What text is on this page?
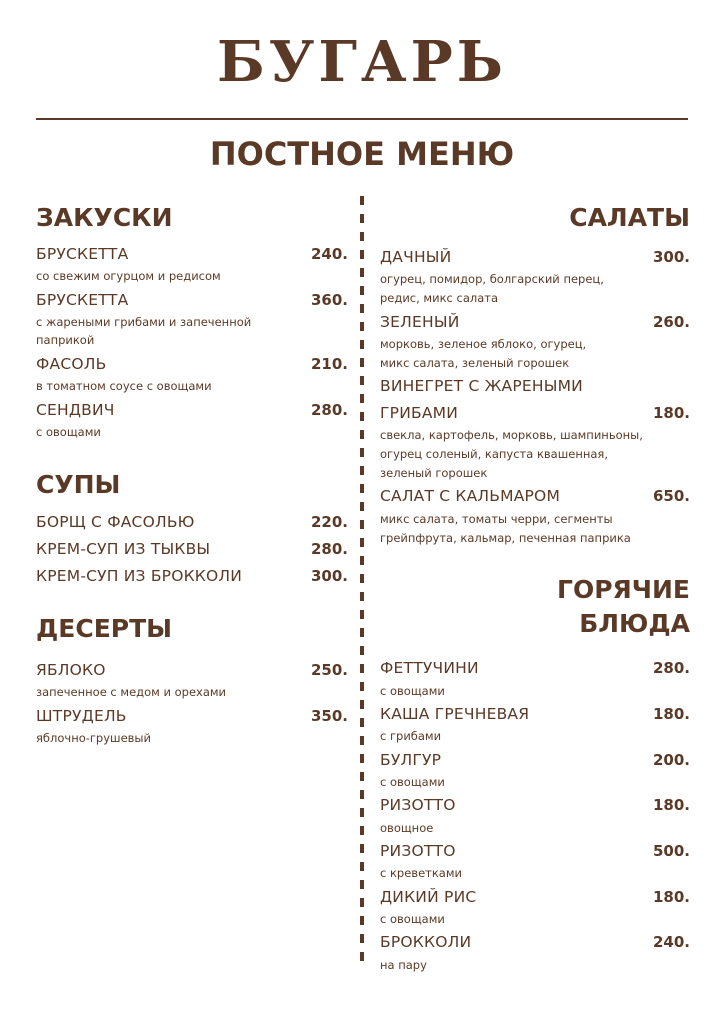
БУГАРЬ
ПОСТНОЕ МЕНЮ
ЗАКУСКИ
БРУСКЕТТА	240.
со свежим огурцом и редисом
БРУСКЕТТА	360.
с жареными грибами и запеченной
паприкой
ФАСОЛЬ	210.
в томатном соусе с овощами
СЕНДВИЧ	280.
с овощами
СУПЫ
БОРЩ С ФАСОЛЬЮ	220.
КРЕМ-СУП ИЗ ТЫКВЫ	280.
КРЕМ-СУП ИЗ БРОККОЛИ	300.
ДЕСЕРТЫ
ЯБЛОКО	250.
запеченное с медом и орехами
ШТРУДЕЛЬ	350.
яблочно-грушевый
САЛАТЫ
ДАЧНЫЙ	300.
огурец, помидор, болгарский перец,
редис, микс салата
ЗЕЛЕНЫЙ	260.
морковь, зеленое яблоко, огурец,
микс салата, зеленый горошек
ВИНЕГРЕТ С ЖАРЕНЫМИ
ГРИБАМИ	180.
свекла, картофель, морковь, шампиньоны,
огурец соленый, капуста квашенная,
зеленый горошек
САЛАТ С КАЛЬМАРОМ	650.
микс салата, томаты черри, сегменты
грейпфрута, кальмар, печенная паприка
ГОРЯЧИЕ
БЛЮДА
ФЕТТУЧИНИ	280.
с овощами
КАША ГРЕЧНЕВАЯ	180.
с грибами
БУЛГУР	200.
с овощами
РИЗОТТО	180.
овощное
РИЗОТТО	500.
с креветками
ДИКИЙ РИС	180.
с овощами
БРОККОЛИ	240.
на пару
